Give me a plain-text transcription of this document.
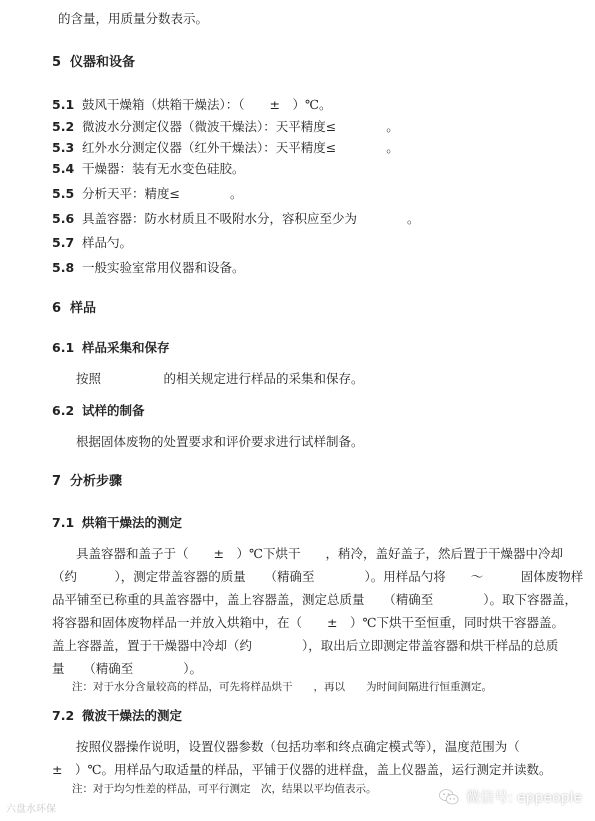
的含量，用质量分数表示。
5 仪器和设备
5.1 鼓风干燥箱（烘箱干燥法）：（　　±　）℃。
5.2 微波水分测定仪器（微波干燥法）：天平精度≤　　　　。
5.3 红外水分测定仪器（红外干燥法）：天平精度≤　　　　。
5.4 干燥器：装有无水变色硅胶。
5.5 分析天平：精度≤　　　　。
5.6 具盖容器：防水材质且不吸附水分，容积应至少为　　　　。
5.7 样品勺。
5.8 一般实验室常用仪器和设备。
6 样品
6.1 样品采集和保存
按照　　　　　的相关规定进行样品的采集和保存。
6.2 试样的制备
根据固体废物的处置要求和评价要求进行试样制备。
7 分析步骤
7.1 烘箱干燥法的测定
具盖容器和盖子于（　　±　）℃下烘干　　，稍冷，盖好盖子，然后置于干燥器中冷却
（约　　　），测定带盖容器的质量　　（精确至　　　　）。用样品勺将　　～　　　固体废物样
品平铺至已称重的具盖容器中，盖上容器盖，测定总质量　　（精确至　　　　）。取下容器盖，
将容器和固体废物样品一并放入烘箱中，在（　　±　）℃下烘干至恒重，同时烘干容器盖。
盖上容器盖，置于干燥器中冷却（约　　　　），取出后立即测定带盖容器和烘干样品的总质
量　　（精确至　　　　）。
注：对于水分含量较高的样品，可先将样品烘干　　，再以　　为时间间隔进行恒重测定。
7.2 微波干燥法的测定
按照仪器操作说明，设置仪器参数（包括功率和终点确定模式等），温度范围为（
±　）℃。用样品勺取适量的样品，平铺于仪器的进样盘，盖上仪器盖，运行测定并读数。
注：对于均匀性差的样品，可平行测定　次，结果以平均值表示。
六盘水环保
微信号: eppeople
